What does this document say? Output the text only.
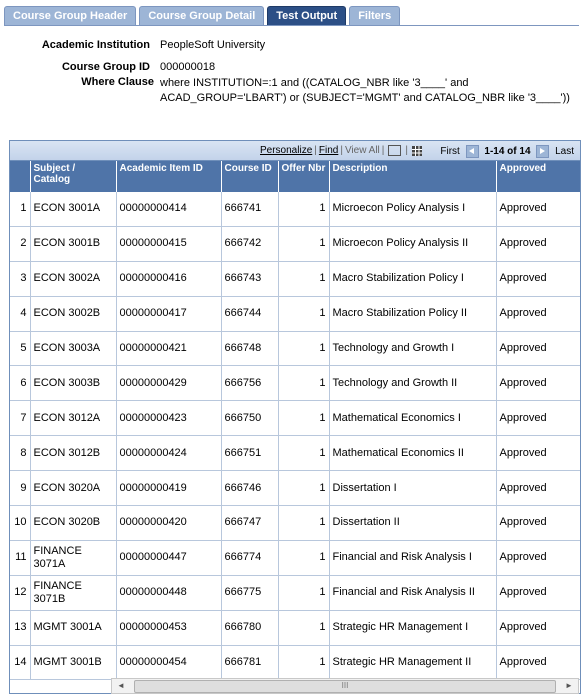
Course Group Header	Course Group Detail	Test Output	Filters
Academic Institution PeopleSoft University
Course Group ID 000000018
Where Clause where INSTITUTION=:1 and ((CATALOG_NBR like '3____' and ACAD_GROUP='LBART') or (SUBJECT='MGMT' and CATALOG_NBR like '3____'))
Personalize | Find | View All | |	First 1-14 of 14 Last
	Subject / Catalog	Academic Item ID	Course ID	Offer Nbr	Description	Approved
1	ECON 3001A	00000000414	666741	1	Microecon Policy Analysis I	Approved
2	ECON 3001B	00000000415	666742	1	Microecon Policy Analysis II	Approved
3	ECON 3002A	00000000416	666743	1	Macro Stabilization Policy I	Approved
4	ECON 3002B	00000000417	666744	1	Macro Stabilization Policy II	Approved
5	ECON 3003A	00000000421	666748	1	Technology and Growth I	Approved
6	ECON 3003B	00000000429	666756	1	Technology and Growth II	Approved
7	ECON 3012A	00000000423	666750	1	Mathematical Economics I	Approved
8	ECON 3012B	00000000424	666751	1	Mathematical Economics II	Approved
9	ECON 3020A	00000000419	666746	1	Dissertation I	Approved
10	ECON 3020B	00000000420	666747	1	Dissertation II	Approved
11	FINANCE 3071A	00000000447	666774	1	Financial and Risk Analysis I	Approved
12	FINANCE 3071B	00000000448	666775	1	Financial and Risk Analysis II	Approved
13	MGMT 3001A	00000000453	666780	1	Strategic HR Management I	Approved
14	MGMT 3001B	00000000454	666781	1	Strategic HR Management II	Approved
◄	III	►
